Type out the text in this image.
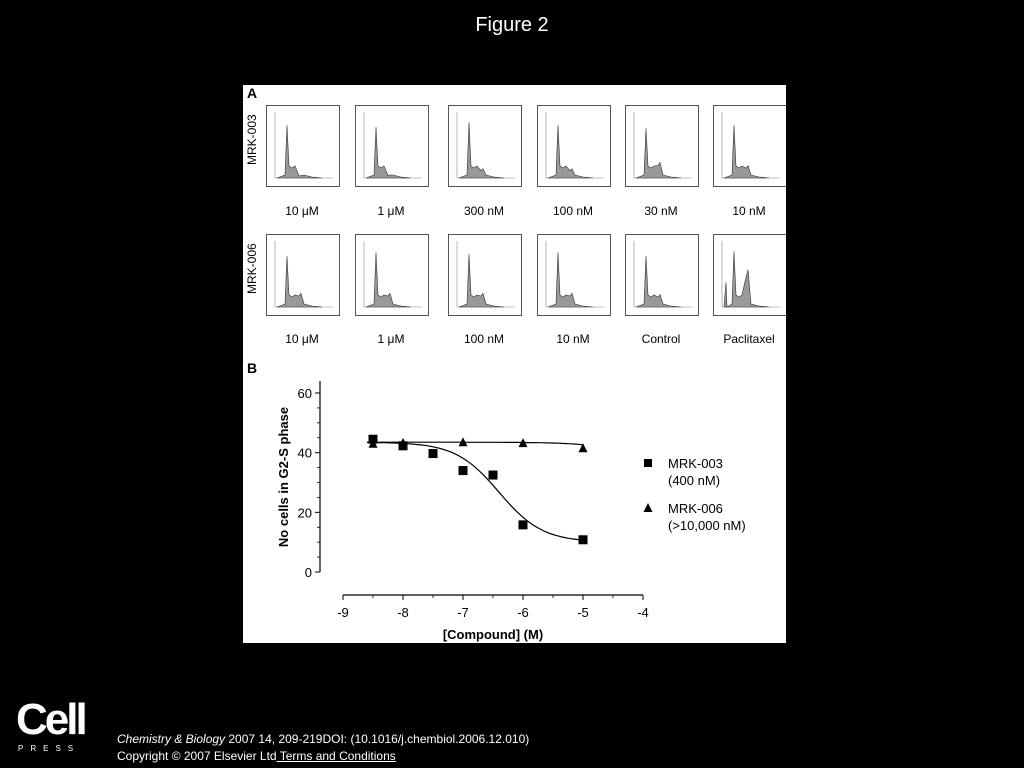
Figure 2
A
MRK-003
MRK-006
10 μM	1 μM	300 nM	100 nM	30 nM	10 nM
10 μM	1 μM	100 nM	10 nM	Control	Paclitaxel
B
0
20
40
60
-9	-8	-7	-6	-5	-4
[Compound] (M)
No cells in G2-S phase	MRK-003
(400 nM)
MRK-006
(>10,000 nM)
Cell
PRESS
Chemistry & Biology 2007 14, 209-219DOI: (10.1016/j.chembiol.2006.12.010)
Copyright © 2007 Elsevier Ltd Terms and Conditions
